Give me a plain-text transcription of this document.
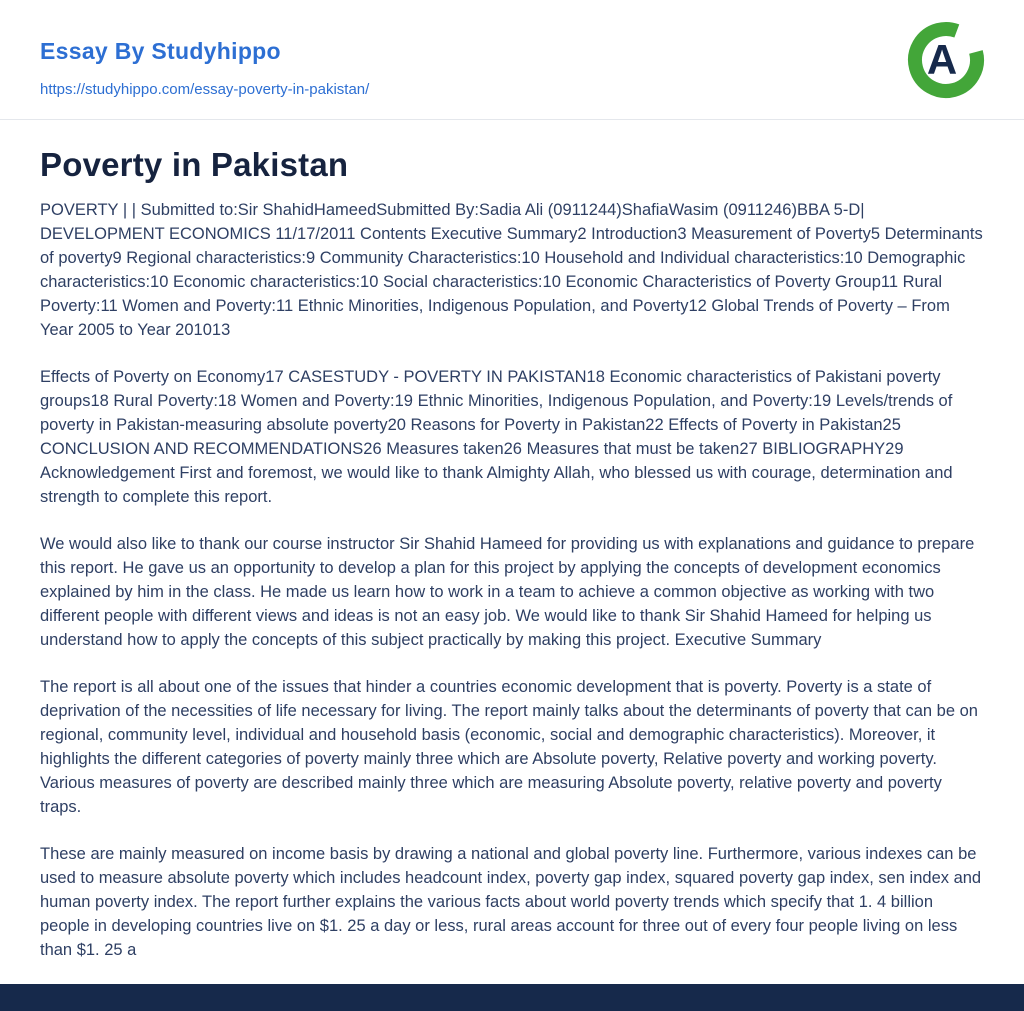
Essay By Studyhippo
https://studyhippo.com/essay-poverty-in-pakistan/
A
Poverty in Pakistan

POVERTY | | Submitted to:Sir ShahidHameedSubmitted By:Sadia Ali (0911244)ShafiaWasim (0911246)BBA 5-D| DEVELOPMENT ECONOMICS 11/17/2011 Contents Executive Summary2 Introduction3 Measurement of Poverty5 Determinants of poverty9 Regional characteristics:9 Community Characteristics:10 Household and Individual characteristics:10 Demographic characteristics:10 Economic characteristics:10 Social characteristics:10 Economic Characteristics of Poverty Group11 Rural Poverty:11 Women and Poverty:11 Ethnic Minorities, Indigenous Population, and Poverty12 Global Trends of Poverty – From Year 2005 to Year 201013

Effects of Poverty on Economy17 CASESTUDY - POVERTY IN PAKISTAN18 Economic characteristics of Pakistani poverty groups18 Rural Poverty:18 Women and Poverty:19 Ethnic Minorities, Indigenous Population, and Poverty:19 Levels/trends of poverty in Pakistan-measuring absolute poverty20 Reasons for Poverty in Pakistan22 Effects of Poverty in Pakistan25 CONCLUSION AND RECOMMENDATIONS26 Measures taken26 Measures that must be taken27 BIBLIOGRAPHY29 Acknowledgement First and foremost, we would like to thank Almighty Allah, who blessed us with courage, determination and strength to complete this report.

We would also like to thank our course instructor Sir Shahid Hameed for providing us with explanations and guidance to prepare this report. He gave us an opportunity to develop a plan for this project by applying the concepts of development economics explained by him in the class. He made us learn how to work in a team to achieve a common objective as working with two different people with different views and ideas is not an easy job. We would like to thank Sir Shahid Hameed for helping us understand how to apply the concepts of this subject practically by making this project. Executive Summary

The report is all about one of the issues that hinder a countries economic development that is poverty. Poverty is a state of deprivation of the necessities of life necessary for living. The report mainly talks about the determinants of poverty that can be on regional, community level, individual and household basis (economic, social and demographic characteristics). Moreover, it highlights the different categories of poverty mainly three which are Absolute poverty, Relative poverty and working poverty. Various measures of poverty are described mainly three which are measuring Absolute poverty, relative poverty and poverty traps.

These are mainly measured on income basis by drawing a national and global poverty line. Furthermore, various indexes can be used to measure absolute poverty which includes headcount index, poverty gap index, squared poverty gap index, sen index and human poverty index. The report further explains the various facts about world poverty trends which specify that 1. 4 billion people in developing countries live on $1. 25 a day or less, rural areas account for three out of every four people living on less than $1. 25 a
